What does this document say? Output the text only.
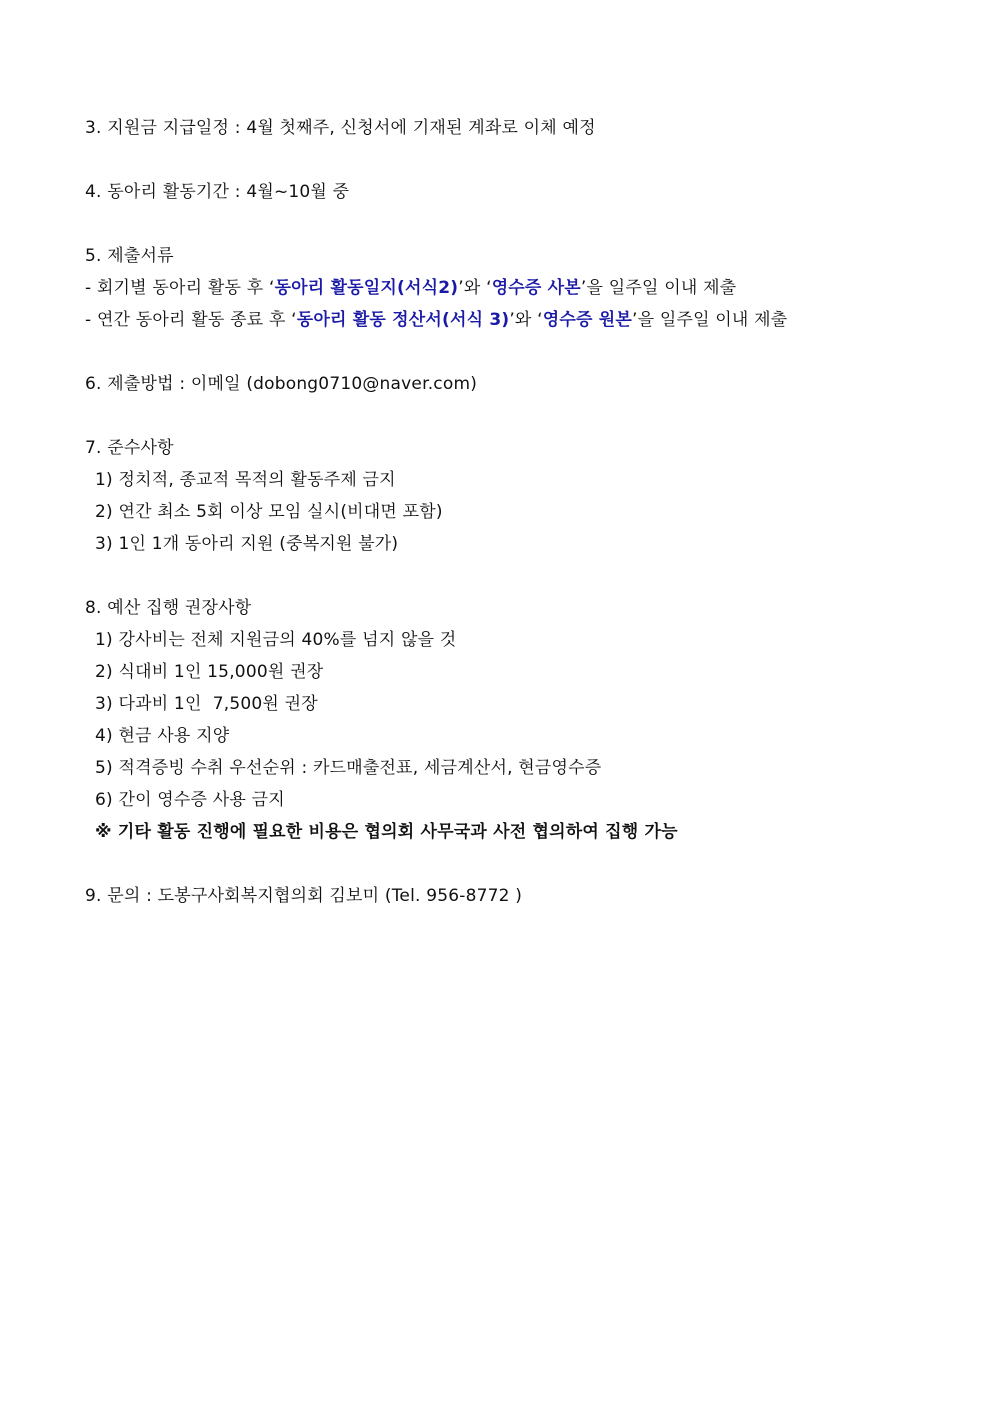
3. 지원금 지급일정 : 4월 첫째주, 신청서에 기재된 계좌로 이체 예정
4. 동아리 활동기간 : 4월~10월 중
5. 제출서류
- 회기별 동아리 활동 후 ‘동아리 활동일지(서식2)’와 ‘영수증 사본’을 일주일 이내 제출
- 연간 동아리 활동 종료 후 ‘동아리 활동 정산서(서식 3)’와 ‘영수증 원본’을 일주일 이내 제출
6. 제출방법 : 이메일 (dobong0710@naver.com)
7. 준수사항
1) 정치적, 종교적 목적의 활동주제 금지
2) 연간 최소 5회 이상 모임 실시(비대면 포함)
3) 1인 1개 동아리 지원 (중복지원 불가)
8. 예산 집행 권장사항
1) 강사비는 전체 지원금의 40%를 넘지 않을 것
2) 식대비 1인 15,000원 권장
3) 다과비 1인  7,500원 권장
4) 현금 사용 지양
5) 적격증빙 수취 우선순위 : 카드매출전표, 세금계산서, 현금영수증
6) 간이 영수증 사용 금지
※ 기타 활동 진행에 필요한 비용은 협의회 사무국과 사전 협의하여 집행 가능
9. 문의 : 도봉구사회복지협의회 김보미 (Tel. 956-8772 )
